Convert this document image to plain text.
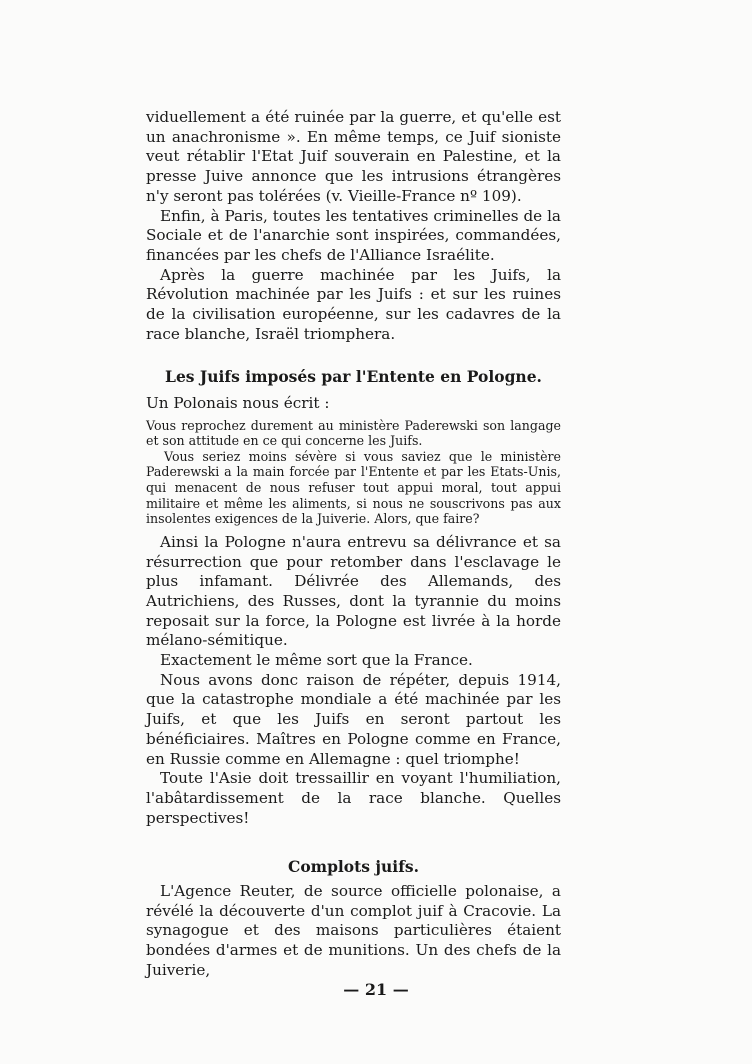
viduellement a été ruinée par la guerre, et qu'elle est un anachronisme ». En même temps, ce Juif sioniste veut rétablir l'Etat Juif souverain en Palestine, et la presse Juive annonce que les intrusions étrangères n'y seront pas tolérées (v. Vieille-France nº 109).

Enfin, à Paris, toutes les tentatives criminelles de la Sociale et de l'anarchie sont inspirées, commandées, financées par les chefs de l'Alliance Israélite.

Après la guerre machinée par les Juifs, la Révolution machinée par les Juifs : et sur les ruines de la civilisation européenne, sur les cadavres de la race blanche, Israël triomphera.

Les Juifs imposés par l'Entente en Pologne.

Un Polonais nous écrit :

Vous reprochez durement au ministère Paderewski son langage et son attitude en ce qui concerne les Juifs.

Vous seriez moins sévère si vous saviez que le ministère Paderewski a la main forcée par l'Entente et par les Etats-Unis, qui menacent de nous refuser tout appui moral, tout appui militaire et même les aliments, si nous ne souscrivons pas aux insolentes exigences de la Juiverie. Alors, que faire?

Ainsi la Pologne n'aura entrevu sa délivrance et sa résurrection que pour retomber dans l'esclavage le plus infamant. Délivrée des Allemands, des Autrichiens, des Russes, dont la tyrannie du moins reposait sur la force, la Pologne est livrée à la horde mélano-sémitique.

Exactement le même sort que la France.

Nous avons donc raison de répéter, depuis 1914, que la catastrophe mondiale a été machinée par les Juifs, et que les Juifs en seront partout les bénéficiaires. Maîtres en Pologne comme en France, en Russie comme en Allemagne : quel triomphe!

Toute l'Asie doit tressaillir en voyant l'humiliation, l'abâtardissement de la race blanche. Quelles perspectives!

Complots juifs.

L'Agence Reuter, de source officielle polonaise, a révélé la découverte d'un complot juif à Cracovie. La synagogue et des maisons particulières étaient bondées d'armes et de munitions. Un des chefs de la Juiverie,

— 21 —
